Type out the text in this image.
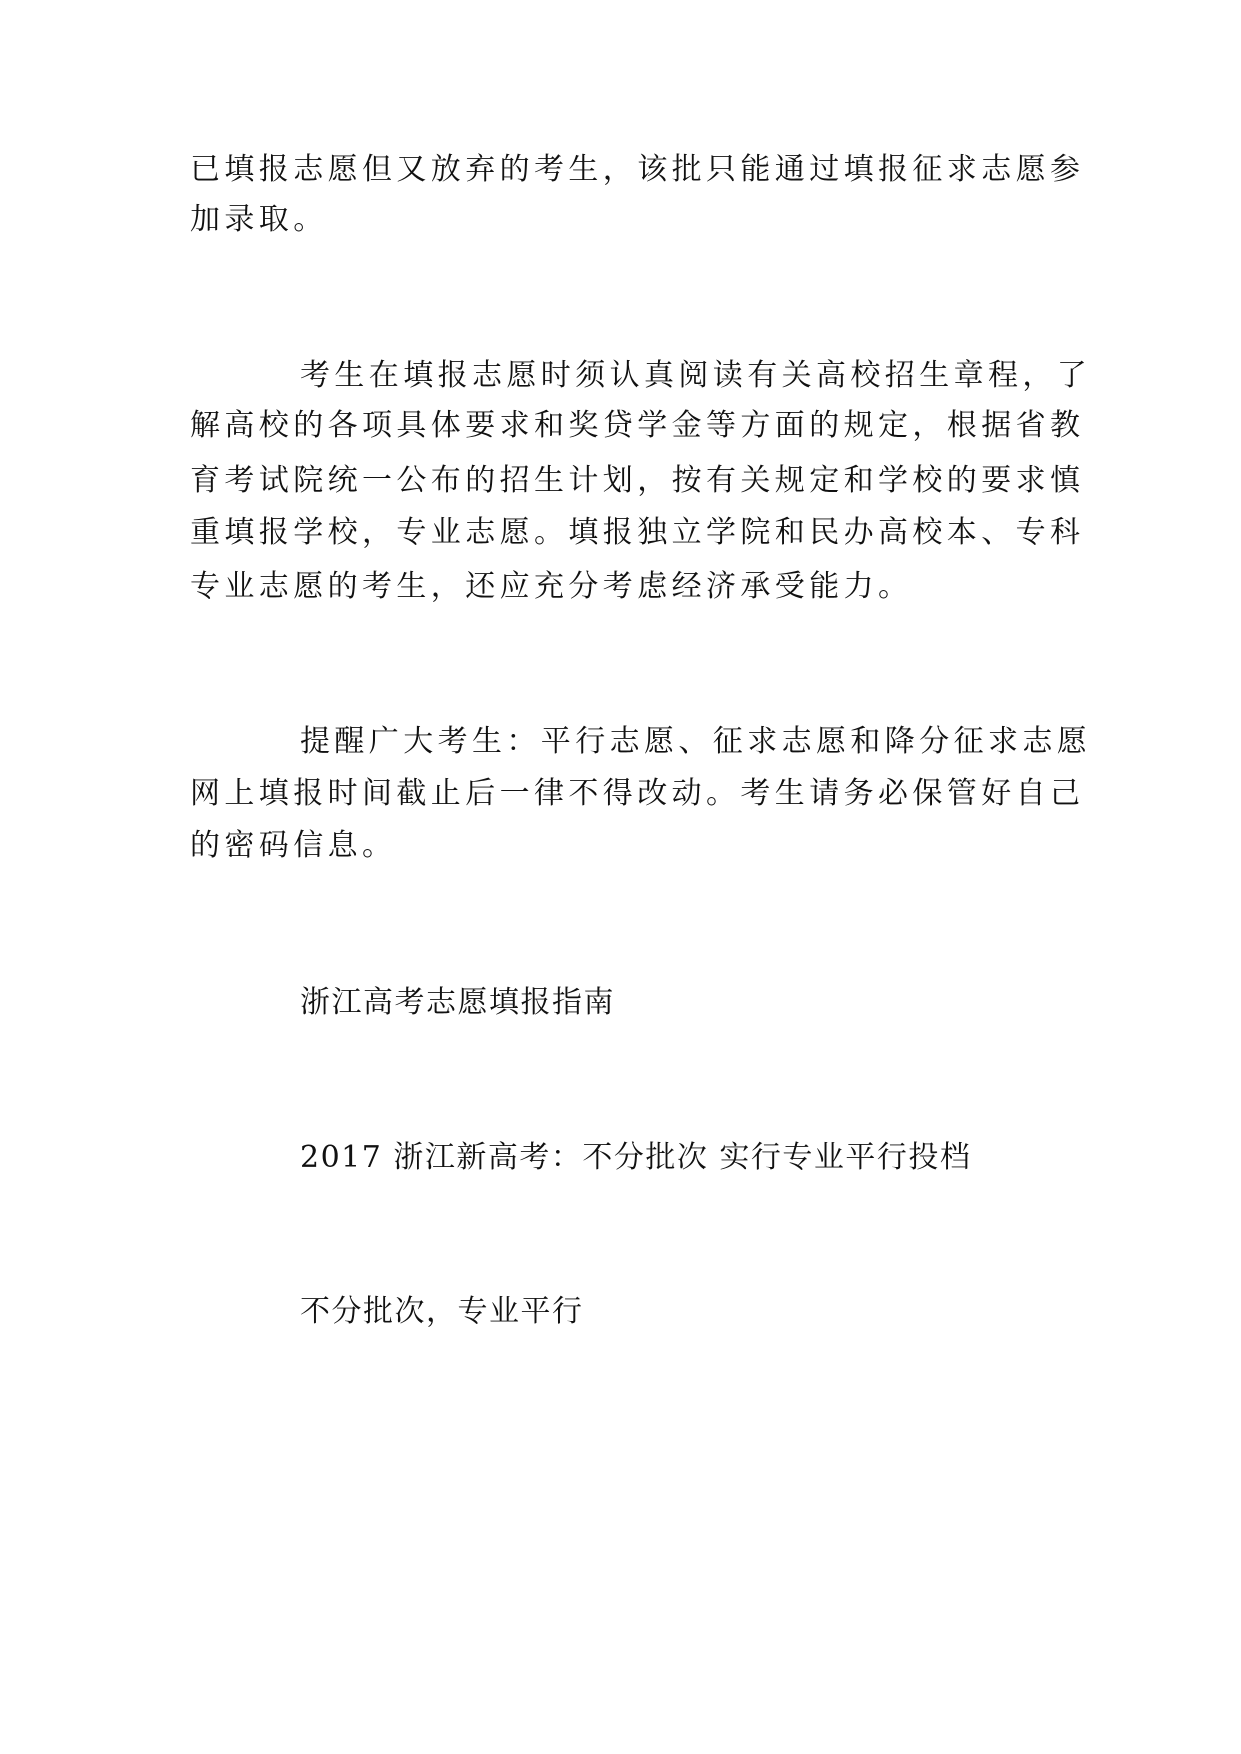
已填报志愿但又放弃的考生，该批只能通过填报征求志愿参
加录取。
考生在填报志愿时须认真阅读有关高校招生章程，了
解高校的各项具体要求和奖贷学金等方面的规定，根据省教
育考试院统一公布的招生计划，按有关规定和学校的要求慎
重填报学校，专业志愿。填报独立学院和民办高校本、专科
专业志愿的考生，还应充分考虑经济承受能力。
提醒广大考生：平行志愿、征求志愿和降分征求志愿
网上填报时间截止后一律不得改动。考生请务必保管好自己
的密码信息。
浙江高考志愿填报指南
2017 浙江新高考：不分批次 实行专业平行投档
不分批次，专业平行
